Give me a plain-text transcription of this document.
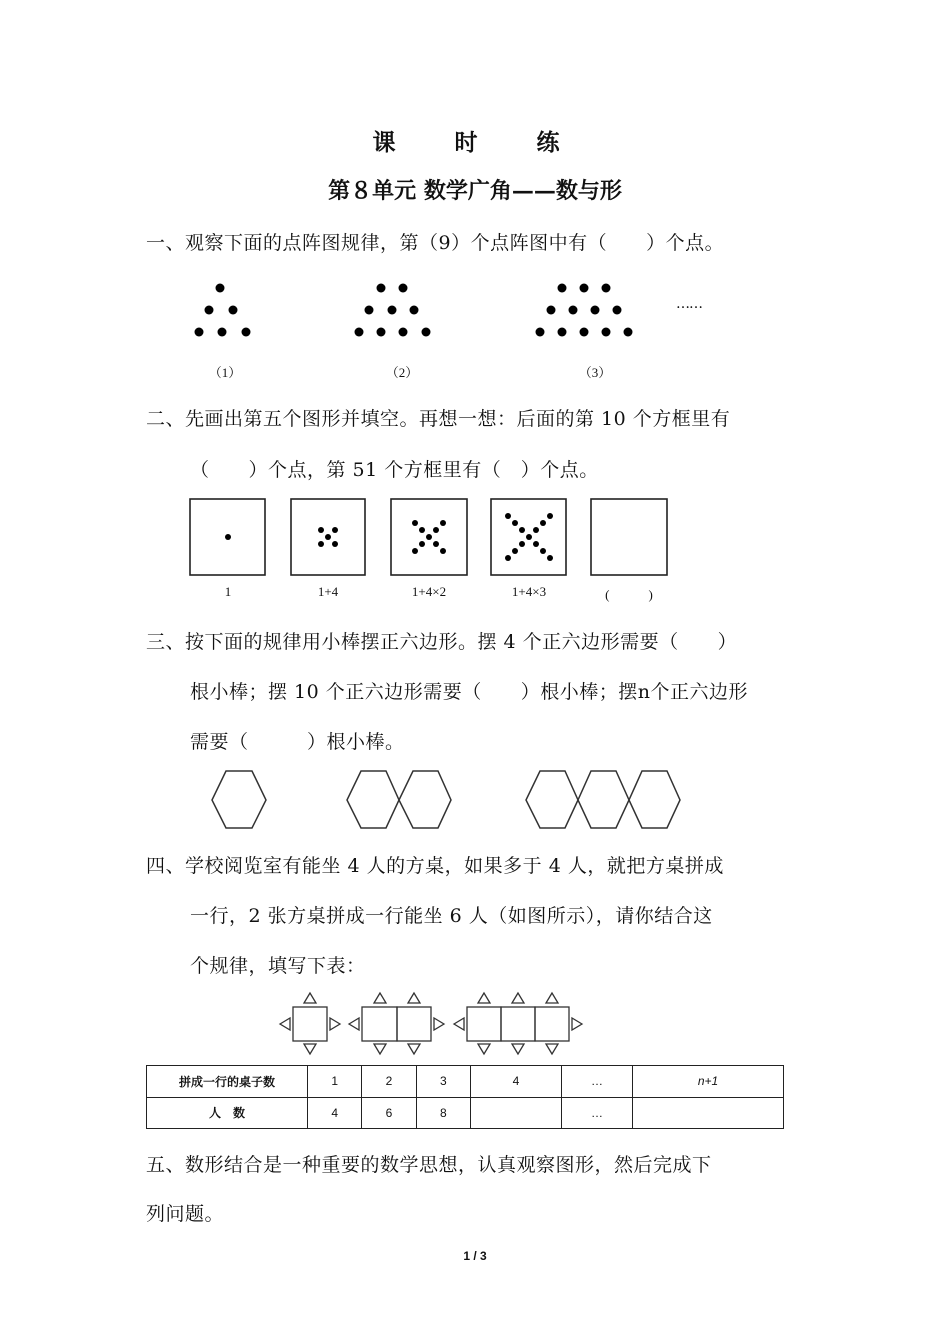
课　时　练
第８单元 数学广角——数与形
一、观察下面的点阵图规律，第（9）个点阵图中有（　　）个点。
……
（1）	（2）	（3）
二、先画出第五个图形并填空。再想一想：后面的第 10 个方框里有
（　　）个点，第 51 个方框里有（　）个点。
1	1+4	1+4×2	1+4×3	(　　　)
三、按下面的规律用小棒摆正六边形。摆 4 个正六边形需要（　　）
根小棒；摆 10 个正六边形需要（　　）根小棒；摆n个正六边形
需要（　　　）根小棒。
四、学校阅览室有能坐 4 人的方桌，如果多于 4 人，就把方桌拼成
一行，2 张方桌拼成一行能坐 6 人（如图所示），请你结合这
个规律，填写下表：
拼成一行的桌子数	1	2	3	4	…	n+1
人　数	4	6	8		…	
五、数形结合是一种重要的数学思想，认真观察图形，然后完成下
列问题。
1 / 3
